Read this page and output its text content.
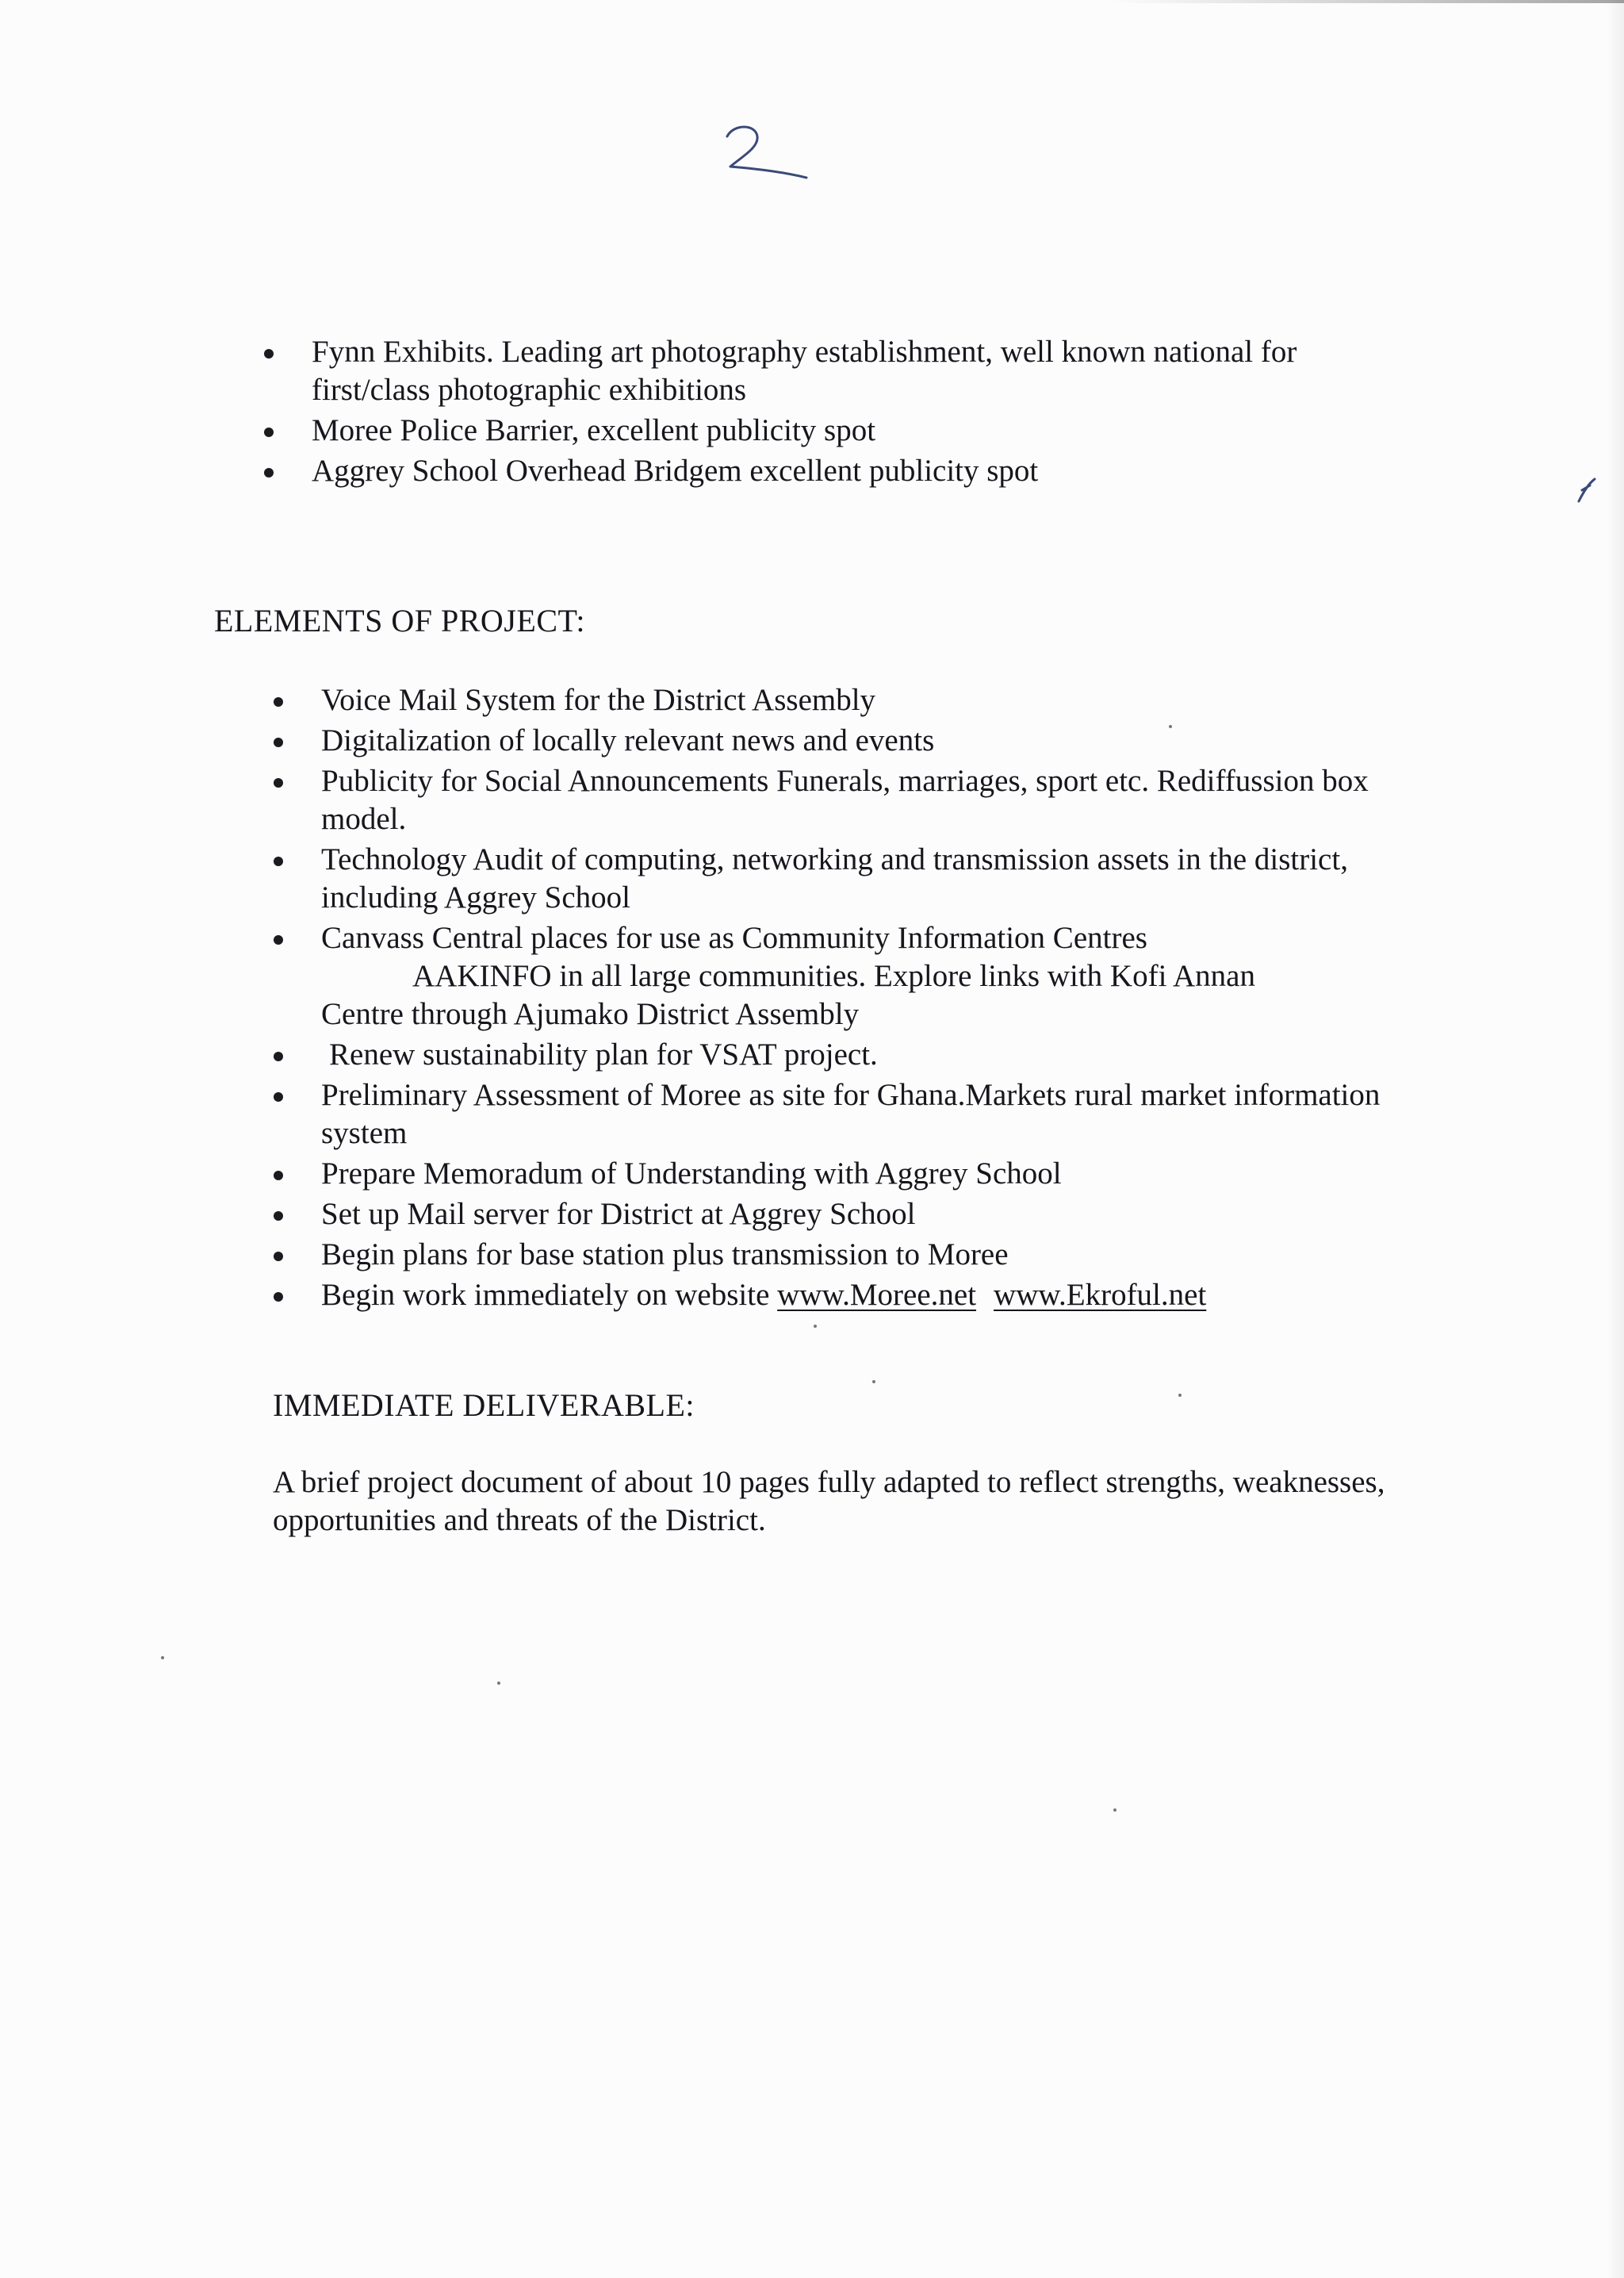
Fynn Exhibits. Leading art photography establishment, well known national for first/class photographic exhibitions
Moree Police Barrier, excellent publicity spot
Aggrey School Overhead Bridgem excellent publicity spot
ELEMENTS OF PROJECT:
Voice Mail System for the District Assembly
Digitalization of locally relevant news and events
Publicity for Social Announcements Funerals, marriages, sport etc. Rediffussion box model.
Technology Audit of computing, networking and transmission assets in the district, including Aggrey School
Canvass Central places for use as Community Information Centres
AAKINFO in all large communities. Explore links with Kofi Annan
Centre through Ajumako District Assembly
Renew sustainability plan for VSAT project.
Preliminary Assessment of Moree as site for Ghana.Markets rural market information system
Prepare Memoradum of Understanding with Aggrey School
Set up Mail server for District at Aggrey School
Begin plans for base station plus transmission to Moree
Begin work immediately on website www.Moree.net www.Ekroful.net
IMMEDIATE DELIVERABLE:

A brief project document of about 10 pages fully adapted to reflect strengths, weaknesses, opportunities and threats of the District.
